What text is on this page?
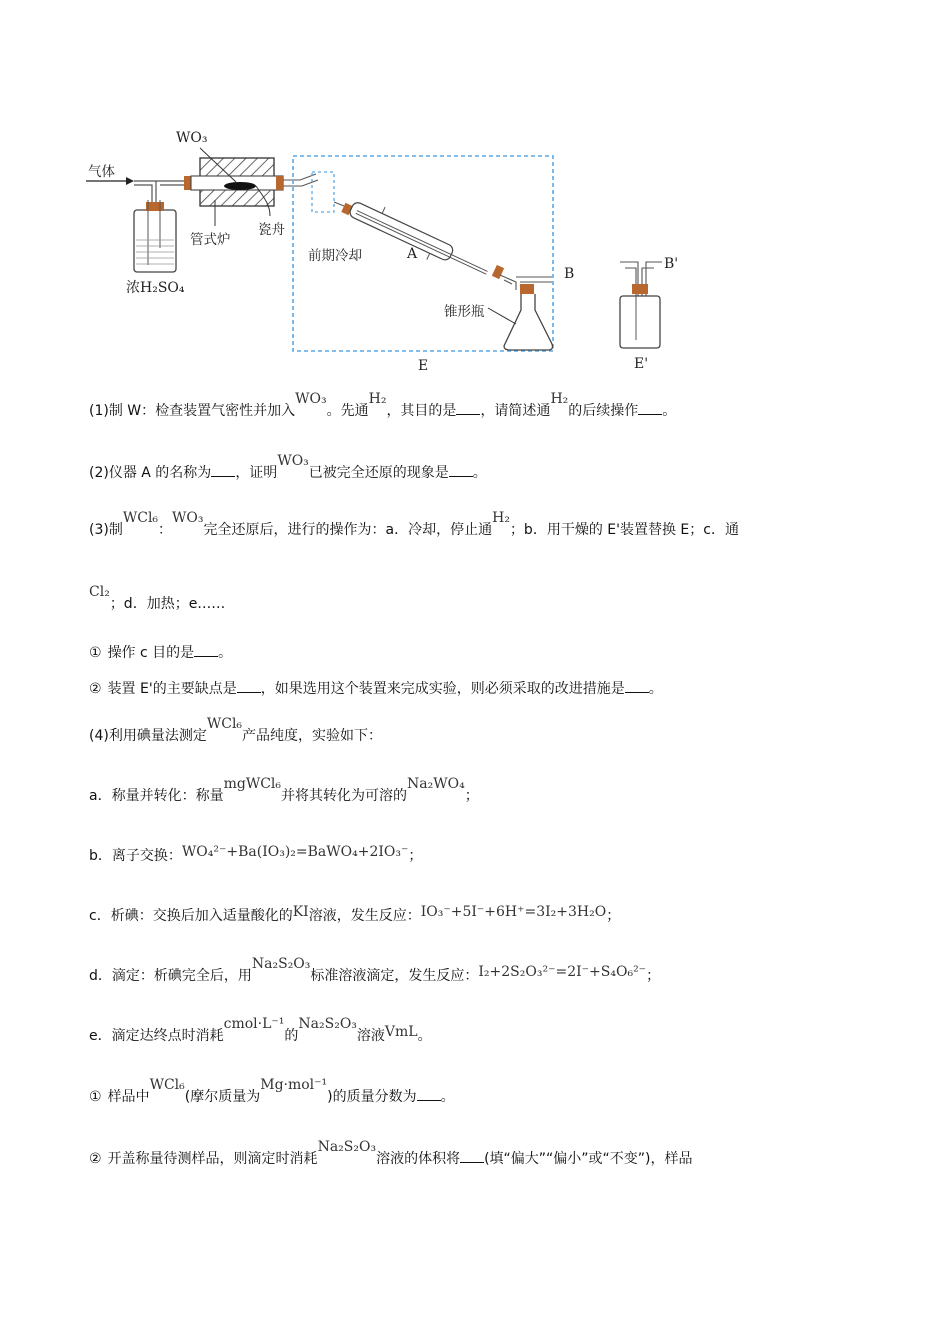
气体
浓H₂SO₄
WO₃
管式炉
瓷舟
前期冷却	A
B
锥形瓶
E
B'
E'
(1)制 W：检查装置气密性并加入WO₃。先通H₂，其目的是 ，请简述通H₂的后续操作 。
(2)仪器 A 的名称为 ，证明WO₃已被完全还原的现象是 。
(3)制WCl₆：WO₃完全还原后，进行的操作为：a．冷却，停止通H₂；b．用干燥的 E'装置替换 E；c．通
Cl₂；d．加热；e……
① 操作 c 目的是 。
② 装置 E'的主要缺点是 ，如果选用这个装置来完成实验，则必须采取的改进措施是 。
(4)利用碘量法测定WCl₆产品纯度，实验如下：
a．称量并转化：称量mgWCl₆并将其转化为可溶的Na₂WO₄；
b．离子交换：WO₄²⁻+Ba(IO₃)₂=BaWO₄+2IO₃⁻；
c．析碘：交换后加入适量酸化的KI溶液，发生反应：IO₃⁻+5I⁻+6H⁺=3I₂+3H₂O；
d．滴定：析碘完全后，用Na₂S₂O₃标准溶液滴定，发生反应：I₂+2S₂O₃²⁻=2I⁻+S₄O₆²⁻；
e．滴定达终点时消耗cmol·L⁻¹的Na₂S₂O₃溶液VmL。
① 样品中WCl₆(摩尔质量为Mg·mol⁻¹)的质量分数为 。
② 开盖称量待测样品，则滴定时消耗Na₂S₂O₃溶液的体积将 (填“偏大”“偏小”或“不变”)，样品
